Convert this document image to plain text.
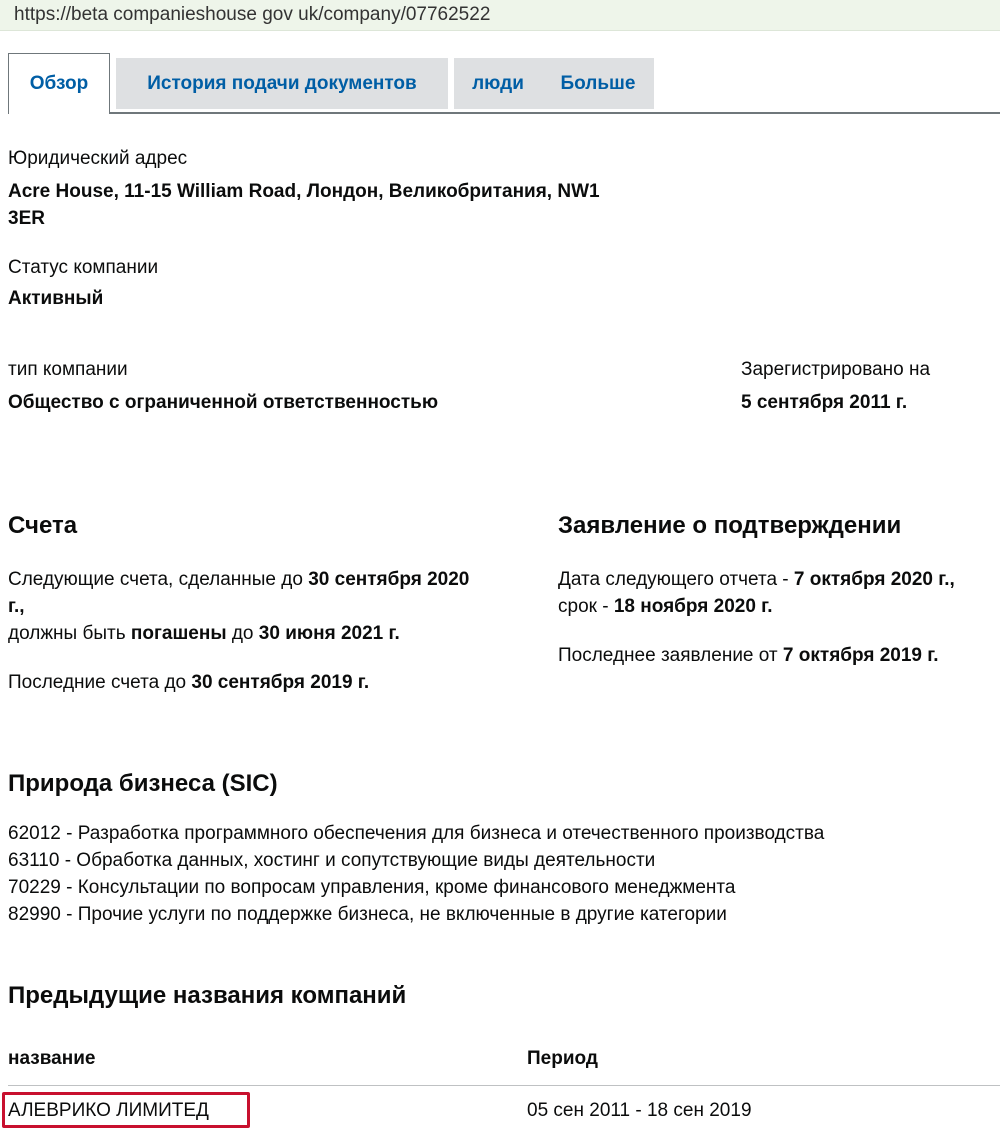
https://beta companieshouse gov uk/company/07762522
Обзор	История подачи документов	люди	Больше
Юридический адрес
Acre House, 11-15 William Road, Лондон, Великобритания, NW1
3ER
Статус компании
Активный
тип компании
Общество с ограниченной ответственностью
Зарегистрировано на
5 сентября 2011 г.
Счета
Следующие счета, сделанные до 30 сентября 2020
г.,
должны быть погашены до 30 июня 2021 г.
Последние счета до 30 сентября 2019 г.
Заявление о подтверждении
Дата следующего отчета - 7 октября 2020 г.,
срок - 18 ноября 2020 г.
Последнее заявление от 7 октября 2019 г.
Природа бизнеса (SIC)
62012 - Разработка программного обеспечения для бизнеса и отечественного производства
63110 - Обработка данных, хостинг и сопутствующие виды деятельности
70229 - Консультации по вопросам управления, кроме финансового менеджмента
82990 - Прочие услуги по поддержке бизнеса, не включенные в другие категории
Предыдущие названия компаний
название	Период
АЛЕВРИКО ЛИМИТЕД	05 сен 2011 - 18 сен 2019
